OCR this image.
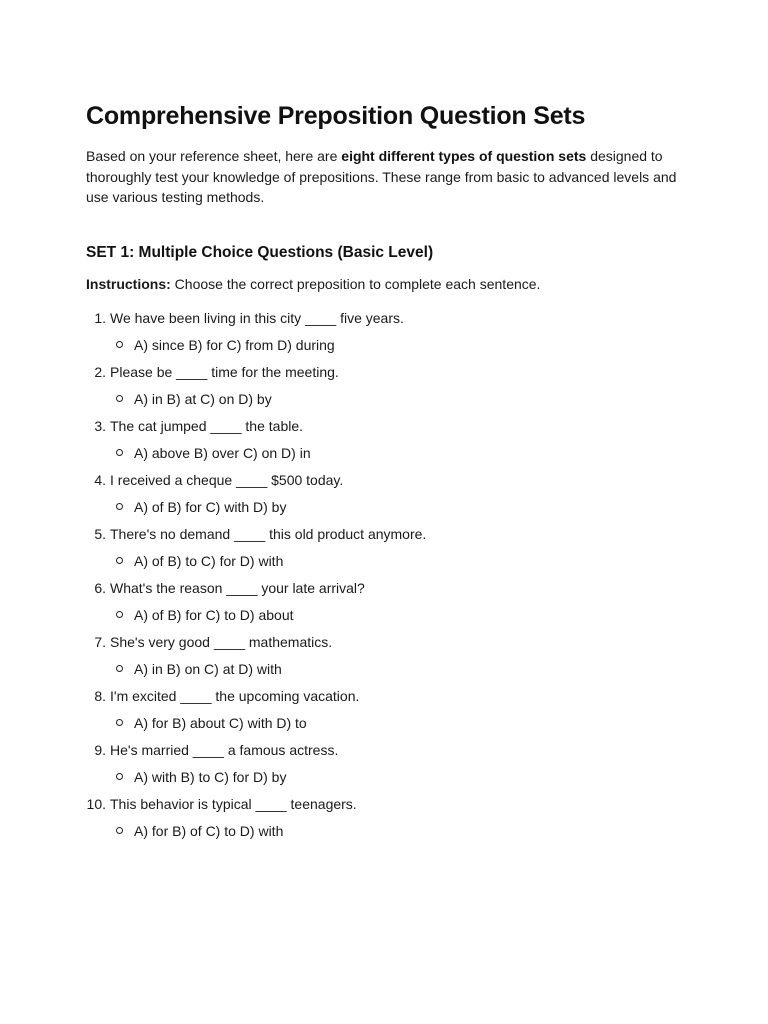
Comprehensive Preposition Question Sets

Based on your reference sheet, here are eight different types of question sets designed to thoroughly test your knowledge of prepositions. These range from basic to advanced levels and use various testing methods.

SET 1: Multiple Choice Questions (Basic Level)

Instructions: Choose the correct preposition to complete each sentence.

1. We have been living in this city ____ five years.
A) since B) for C) from D) during
2. Please be ____ time for the meeting.
A) in B) at C) on D) by
3. The cat jumped ____ the table.
A) above B) over C) on D) in
4. I received a cheque ____ $500 today.
A) of B) for C) with D) by
5. There's no demand ____ this old product anymore.
A) of B) to C) for D) with
6. What's the reason ____ your late arrival?
A) of B) for C) to D) about
7. She's very good ____ mathematics.
A) in B) on C) at D) with
8. I'm excited ____ the upcoming vacation.
A) for B) about C) with D) to
9. He's married ____ a famous actress.
A) with B) to C) for D) by
10. This behavior is typical ____ teenagers.
A) for B) of C) to D) with
